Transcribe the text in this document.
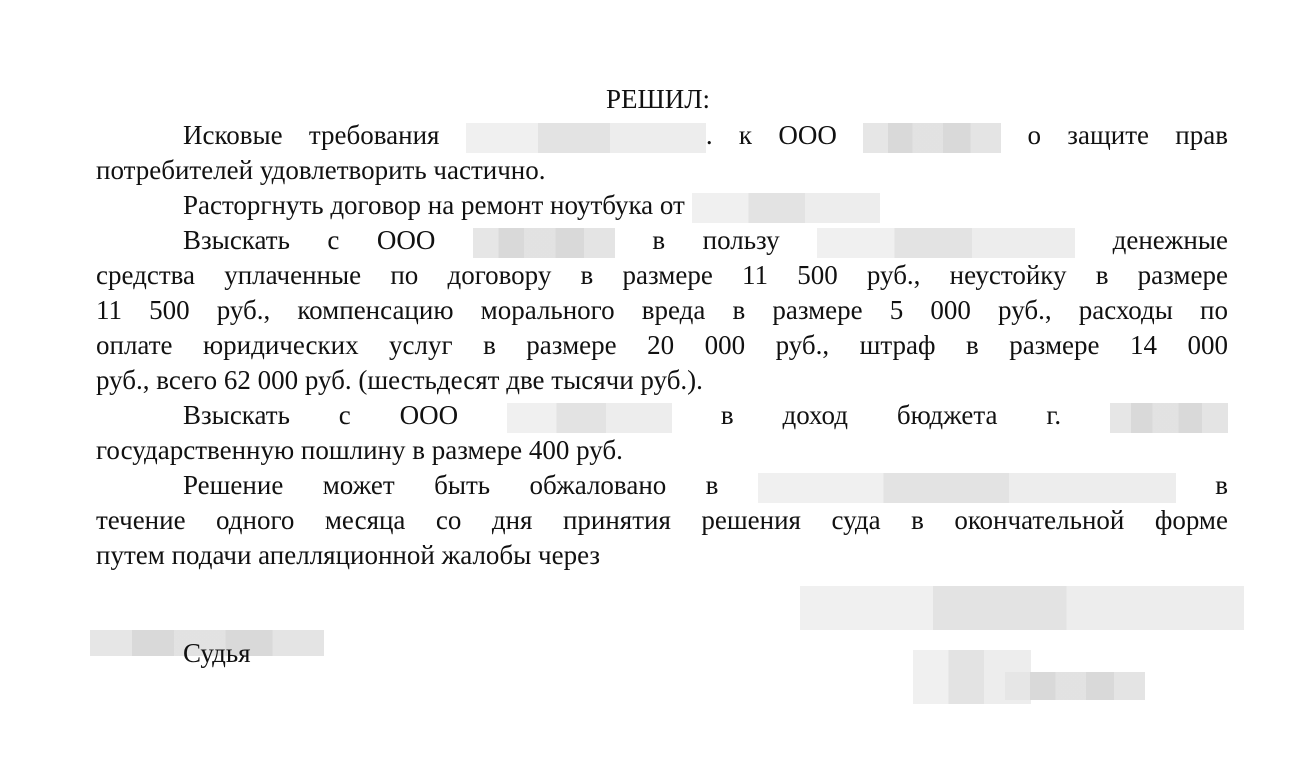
РЕШИЛ:
Исковые требования	. к ООО	о защите прав
потребителей удовлетворить частично.
Расторгнуть договор на ремонт ноутбука от
Взыскать с ООО	в пользу	денежные
средства уплаченные по договору в размере 11 500 руб., неустойку в размере
11 500 руб., компенсацию морального вреда в размере 5 000 руб., расходы по
оплате юридических услуг в размере 20 000 руб., штраф в размере 14 000
руб., всего 62 000 руб. (шестьдесят две тысячи руб.).
Взыскать с ООО	в доход бюджета г.
государственную пошлину в размере 400 руб.
Решение может быть обжаловано в	в
течение одного месяца со дня принятия решения суда в окончательной форме
путем подачи апелляционной жалобы через
Судья
